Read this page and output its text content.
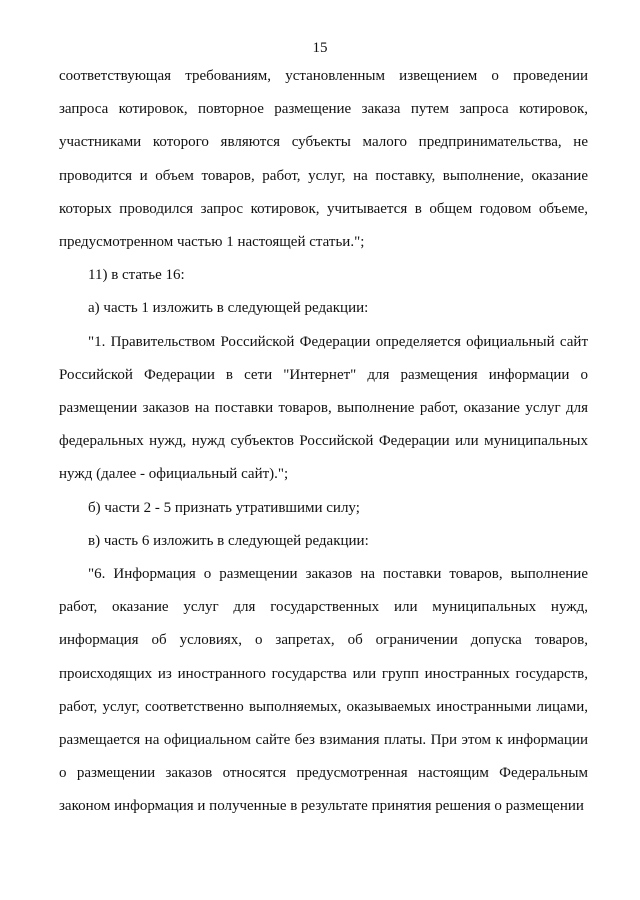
15

соответствующая требованиям, установленным извещением о проведении запроса котировок, повторное размещение заказа путем запроса котировок, участниками которого являются субъекты малого предпринимательства, не проводится и объем товаров, работ, услуг, на поставку, выполнение, оказание которых проводился запрос котировок, учитывается в общем годовом объеме, предусмотренном частью 1 настоящей статьи.";

11) в статье 16:

а) часть 1 изложить в следующей редакции:

"1. Правительством Российской Федерации определяется официальный сайт Российской Федерации в сети "Интернет" для размещения информации о размещении заказов на поставки товаров, выполнение работ, оказание услуг для федеральных нужд, нужд субъектов Российской Федерации или муниципальных нужд (далее - официальный сайт).";

б) части 2 - 5 признать утратившими силу;

в) часть 6 изложить в следующей редакции:

"6. Информация о размещении заказов на поставки товаров, выполнение работ, оказание услуг для государственных или муниципальных нужд, информация об условиях, о запретах, об ограничении допуска товаров, происходящих из иностранного государства или групп иностранных государств, работ, услуг, соответственно выполняемых, оказываемых иностранными лицами, размещается на официальном сайте без взимания платы. При этом к информации о размещении заказов относятся предусмотренная настоящим Федеральным законом информация и полученные в результате принятия решения о размещении
